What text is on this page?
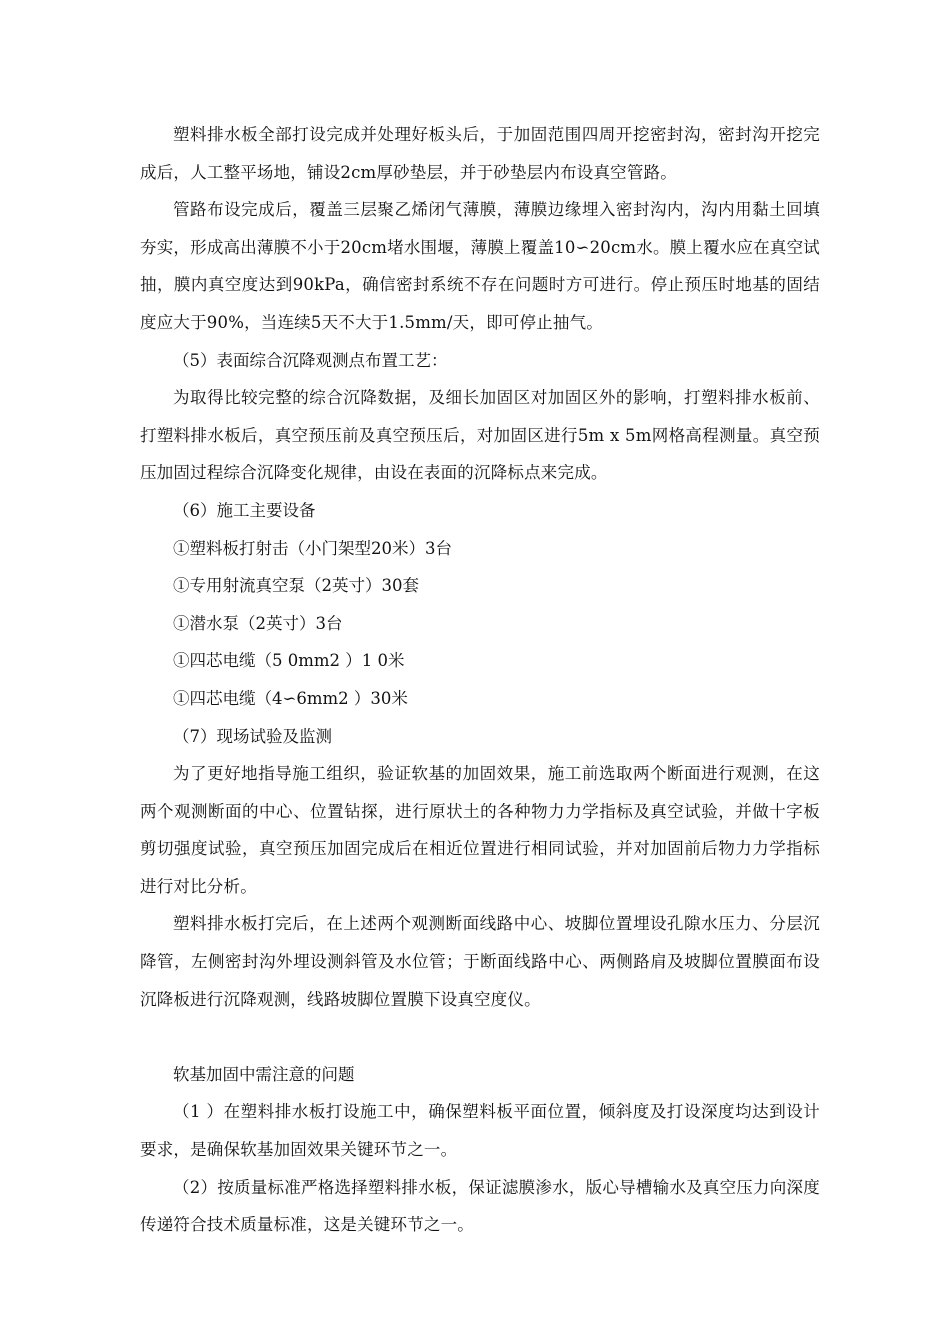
塑料排水板全部打设完成并处理好板头后，于加固范围四周开挖密封沟，密封沟开挖完成后，人工整平场地，铺设2cm厚砂垫层，并于砂垫层内布设真空管路。

管路布设完成后，覆盖三层聚乙烯闭气薄膜，薄膜边缘埋入密封沟内，沟内用黏土回填夯实，形成高出薄膜不小于20cm堵水围堰，薄膜上覆盖10∽20cm水。膜上覆水应在真空试抽，膜内真空度达到90kPa，确信密封系统不存在问题时方可进行。停止预压时地基的固结度应大于90%，当连续5天不大于1.5mm/天，即可停止抽气。

（5）表面综合沉降观测点布置工艺：

为取得比较完整的综合沉降数据，及细长加固区对加固区外的影响，打塑料排水板前、打塑料排水板后，真空预压前及真空预压后，对加固区进行5m x 5m网格高程测量。真空预压加固过程综合沉降变化规律，由设在表面的沉降标点来完成。

（6）施工主要设备

①塑料板打射击（小门架型20米）3台

①专用射流真空泵（2英寸）30套

①潜水泵（2英寸）3台

①四芯电缆（5 0mm2 ）1 0米

①四芯电缆（4∽6mm2 ）30米

（7）现场试验及监测

为了更好地指导施工组织，验证软基的加固效果，施工前选取两个断面进行观测，在这两个观测断面的中心、位置钻探，进行原状土的各种物力力学指标及真空试验，并做十字板剪切强度试验，真空预压加固完成后在相近位置进行相同试验，并对加固前后物力力学指标进行对比分析。

塑料排水板打完后，在上述两个观测断面线路中心、坡脚位置埋设孔隙水压力、分层沉降管，左侧密封沟外埋设测斜管及水位管；于断面线路中心、两侧路肩及坡脚位置膜面布设沉降板进行沉降观测，线路坡脚位置膜下设真空度仪。

软基加固中需注意的问题

（1 ）在塑料排水板打设施工中，确保塑料板平面位置，倾斜度及打设深度均达到设计要求，是确保软基加固效果关键环节之一。

（2）按质量标准严格选择塑料排水板，保证滤膜渗水，版心导槽输水及真空压力向深度传递符合技术质量标准，这是关键环节之一。
